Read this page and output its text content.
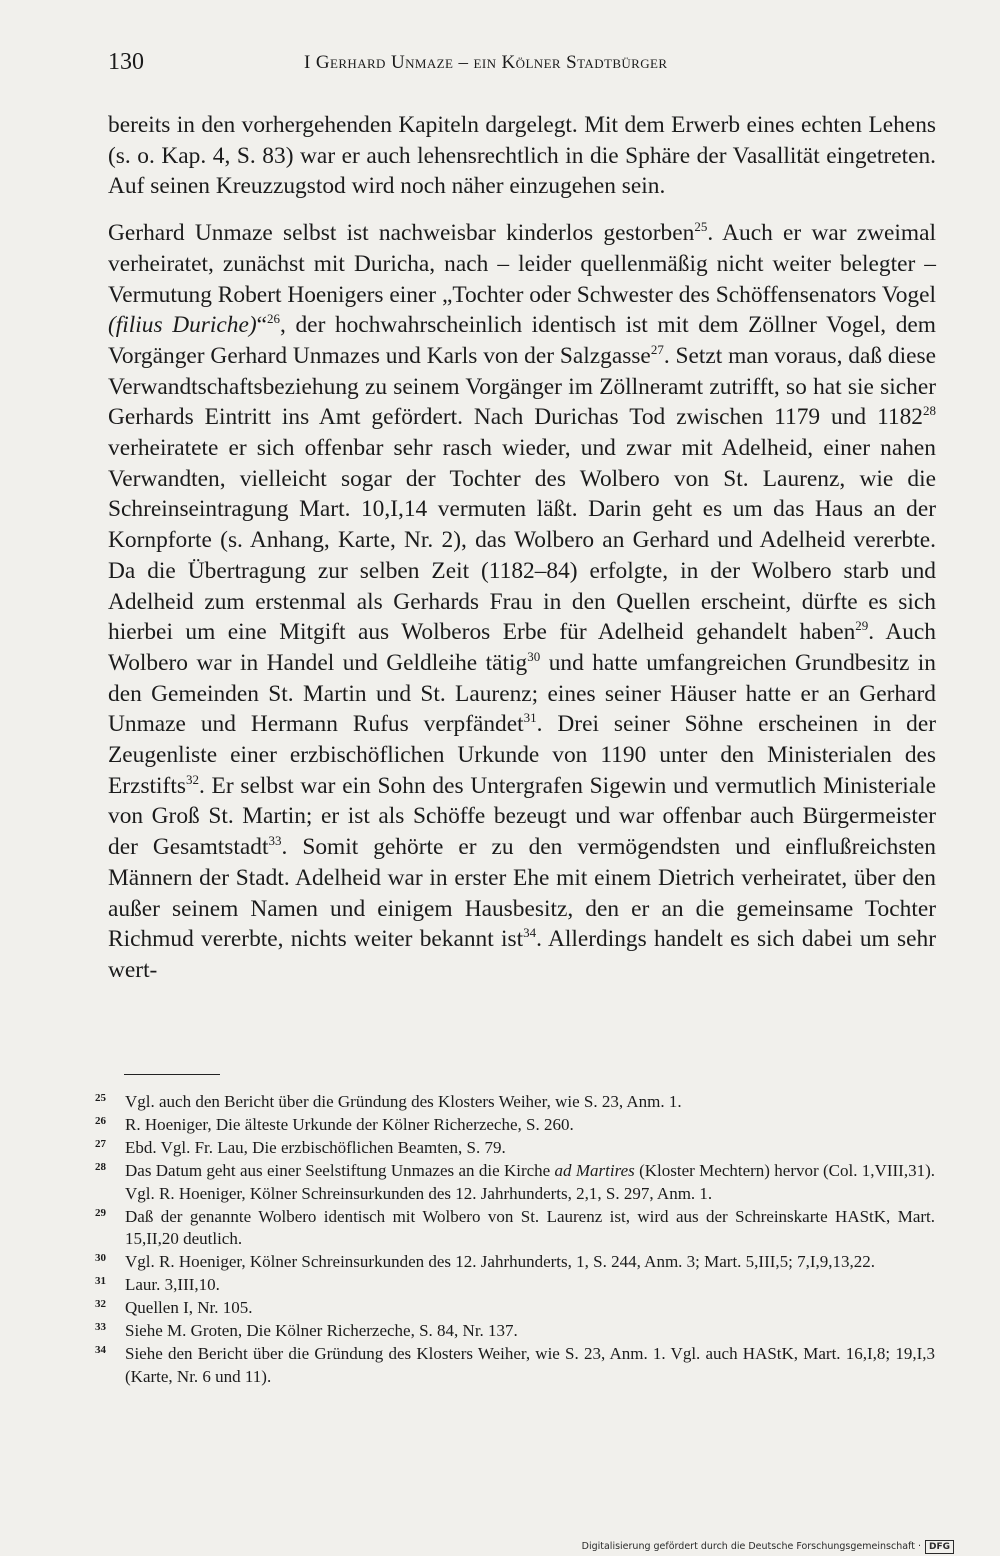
130	I Gerhard Unmaze – ein Kölner Stadtbürger

bereits in den vorhergehenden Kapiteln dargelegt. Mit dem Erwerb eines echten Lehens (s. o. Kap. 4, S. 83) war er auch lehensrechtlich in die Sphäre der Vasallität eingetreten. Auf seinen Kreuzzugstod wird noch näher einzugehen sein.

Gerhard Unmaze selbst ist nachweisbar kinderlos gestorben$^{25}$. Auch er war zweimal verheiratet, zunächst mit Duricha, nach – leider quellenmäßig nicht weiter belegter – Vermutung Robert Hoenigers einer „Tochter oder Schwester des Schöffensenators Vogel (filius Duriche)“$^{26}$, der hochwahrscheinlich identisch ist mit dem Zöllner Vogel, dem Vorgänger Gerhard Unmazes und Karls von der Salzgasse$^{27}$. Setzt man voraus, daß diese Verwandtschaftsbeziehung zu seinem Vorgänger im Zöllneramt zutrifft, so hat sie sicher Gerhards Eintritt ins Amt gefördert. Nach Durichas Tod zwischen 1179 und 1182$^{28}$ verheiratete er sich offenbar sehr rasch wieder, und zwar mit Adelheid, einer nahen Verwandten, vielleicht sogar der Tochter des Wolbero von St. Laurenz, wie die Schreinseintragung Mart. 10,I,14 vermuten läßt. Darin geht es um das Haus an der Kornpforte (s. Anhang, Karte, Nr. 2), das Wolbero an Gerhard und Adelheid vererbte. Da die Übertragung zur selben Zeit (1182–84) erfolgte, in der Wolbero starb und Adelheid zum erstenmal als Gerhards Frau in den Quellen erscheint, dürfte es sich hierbei um eine Mitgift aus Wolberos Erbe für Adelheid gehandelt haben$^{29}$. Auch Wolbero war in Handel und Geldleihe tätig$^{30}$ und hatte umfangreichen Grundbesitz in den Gemeinden St. Martin und St. Laurenz; eines seiner Häuser hatte er an Gerhard Unmaze und Hermann Rufus verpfändet$^{31}$. Drei seiner Söhne erscheinen in der Zeugenliste einer erzbischöflichen Urkunde von 1190 unter den Ministerialen des Erzstifts$^{32}$. Er selbst war ein Sohn des Untergrafen Sigewin und vermutlich Ministeriale von Groß St. Martin; er ist als Schöffe bezeugt und war offenbar auch Bürgermeister der Gesamtstadt$^{33}$. Somit gehörte er zu den vermögendsten und einflußreichsten Männern der Stadt. Adelheid war in erster Ehe mit einem Dietrich verheiratet, über den außer seinem Namen und einigem Hausbesitz, den er an die gemeinsame Tochter Richmud vererbte, nichts weiter bekannt ist$^{34}$. Allerdings handelt es sich dabei um sehr wert-

25 Vgl. auch den Bericht über die Gründung des Klosters Weiher, wie S. 23, Anm. 1.
26 R. Hoeniger, Die älteste Urkunde der Kölner Richerzeche, S. 260.
27 Ebd. Vgl. Fr. Lau, Die erzbischöflichen Beamten, S. 79.
28 Das Datum geht aus einer Seelstiftung Unmazes an die Kirche ad Martires (Kloster Mechtern) hervor (Col. 1,VIII,31). Vgl. R. Hoeniger, Kölner Schreinsurkunden des 12. Jahrhunderts, 2,1, S. 297, Anm. 1.
29 Daß der genannte Wolbero identisch mit Wolbero von St. Laurenz ist, wird aus der Schreinskarte HAStK, Mart. 15,II,20 deutlich.
30 Vgl. R. Hoeniger, Kölner Schreinsurkunden des 12. Jahrhunderts, 1, S. 244, Anm. 3; Mart. 5,III,5; 7,I,9,13,22.
31 Laur. 3,III,10.
32 Quellen I, Nr. 105.
33 Siehe M. Groten, Die Kölner Richerzeche, S. 84, Nr. 137.
34 Siehe den Bericht über die Gründung des Klosters Weiher, wie S. 23, Anm. 1. Vgl. auch HAStK, Mart. 16,I,8; 19,I,3 (Karte, Nr. 6 und 11).
Digitalisierung gefördert durch die Deutsche Forschungsgemeinschaft · DFG
